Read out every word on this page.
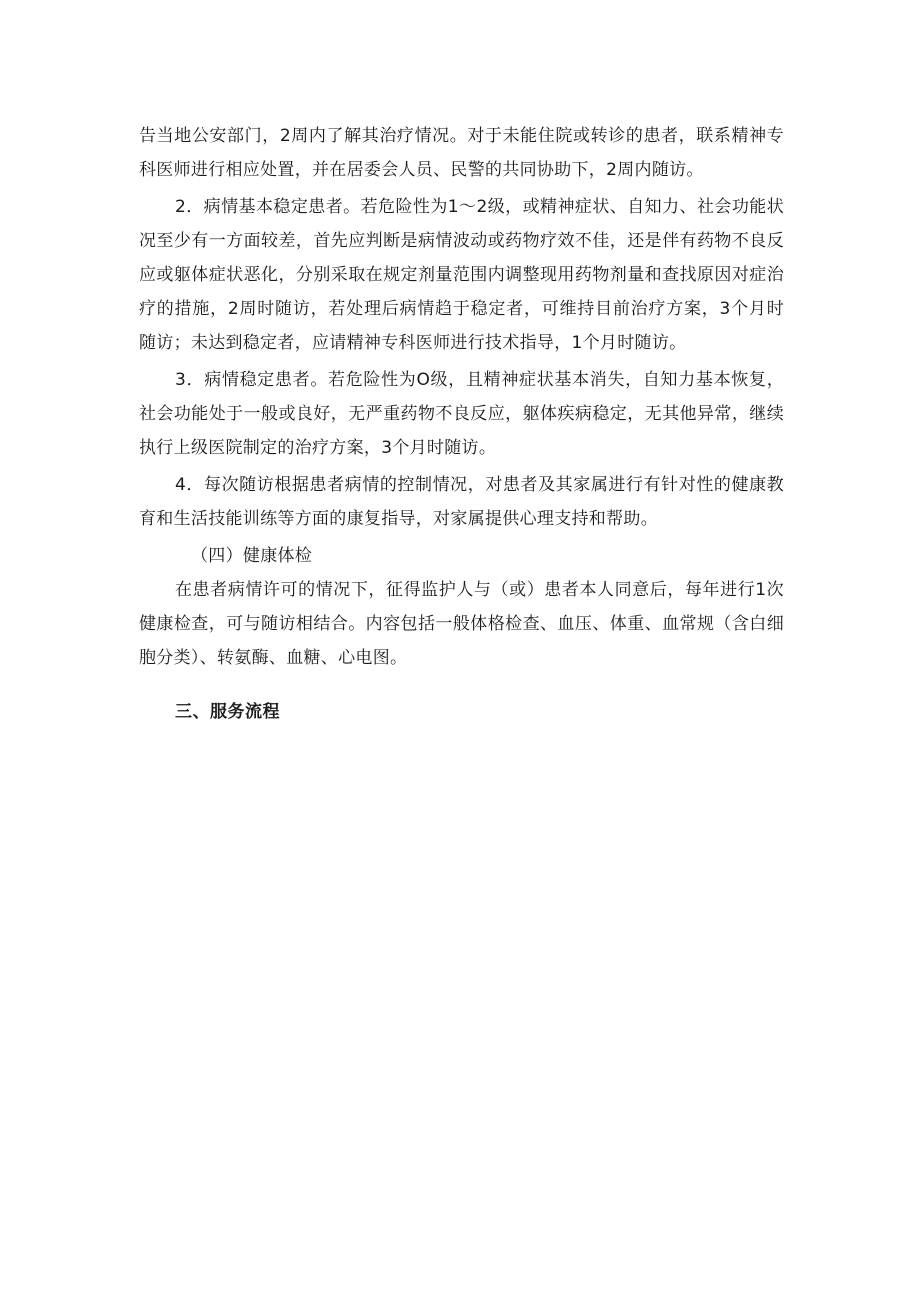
告当地公安部门，2周内了解其治疗情况。对于未能住院或转诊的患者，联系精神专科医师进行相应处置，并在居委会人员、民警的共同协助下，2周内随访。

2．病情基本稳定患者。若危险性为1～2级，或精神症状、自知力、社会功能状况至少有一方面较差，首先应判断是病情波动或药物疗效不佳，还是伴有药物不良反应或躯体症状恶化，分别采取在规定剂量范围内调整现用药物剂量和查找原因对症治疗的措施，2周时随访，若处理后病情趋于稳定者，可维持目前治疗方案，3个月时随访；未达到稳定者，应请精神专科医师进行技术指导，1个月时随访。

3．病情稳定患者。若危险性为O级，且精神症状基本消失，自知力基本恢复，社会功能处于一般或良好，无严重药物不良反应，躯体疾病稳定，无其他异常，继续执行上级医院制定的治疗方案，3个月时随访。

4．每次随访根据患者病情的控制情况，对患者及其家属进行有针对性的健康教育和生活技能训练等方面的康复指导，对家属提供心理支持和帮助。

（四）健康体检

在患者病情许可的情况下，征得监护人与（或）患者本人同意后，每年进行1次健康检查，可与随访相结合。内容包括一般体格检查、血压、体重、血常规（含白细胞分类）、转氨酶、血糖、心电图。

三、服务流程
